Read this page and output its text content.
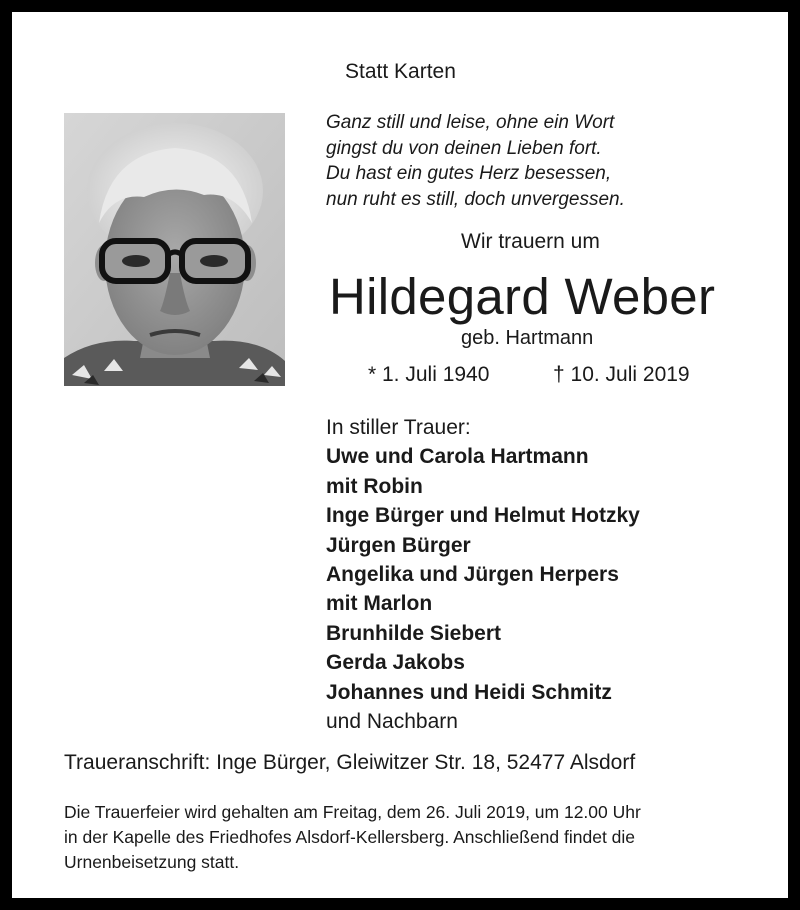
Statt Karten
Ganz still und leise, ohne ein Wort
gingst du von deinen Lieben fort.
Du hast ein gutes Herz besessen,
nun ruht es still, doch unvergessen.
Wir trauern um
Hildegard Weber
geb. Hartmann
* 1. Juli 1940	† 10. Juli 2019
In stiller Trauer:
Uwe und Carola Hartmann
mit Robin
Inge Bürger und Helmut Hotzky
Jürgen Bürger
Angelika und Jürgen Herpers
mit Marlon
Brunhilde Siebert
Gerda Jakobs
Johannes und Heidi Schmitz
und Nachbarn
Traueranschrift: Inge Bürger, Gleiwitzer Str. 18, 52477 Alsdorf
Die Trauerfeier wird gehalten am Freitag, dem 26. Juli 2019, um 12.00 Uhr
in der Kapelle des Friedhofes Alsdorf-Kellersberg. Anschließend findet die
Urnenbeisetzung statt.
